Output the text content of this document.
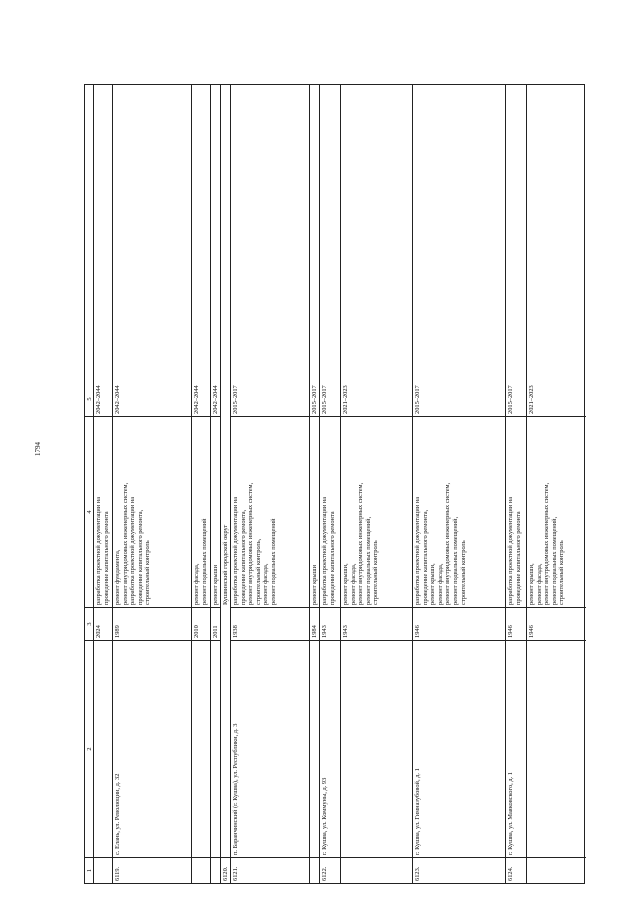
1794
1
2
3
4
5
2024
разработка проектной документации на проведение капитального ремонта
2042–2044
6119.
с. Елань, ул. Революции, д. 32
1989
ремонт фундамента, ремонт внутридомовых инженерных систем, разработка проектной документации на проведение капитального ремонта, строительный контроль
2042–2044
2010
ремонт фасада, ремонт подвальных помещений
2042–2044
2011
ремонт крыши
2042–2044
6120.
Кушвинский городской округ
6121.
п. Баранчинский (г. Кушва), ул. Республики, д. 3
1938
разработка проектной документации на проведение капитального ремонта, ремонт внутридомовых инженерных систем, строительный контроль, ремонт фасада, ремонт подвальных помещений
2015–2017
1984
ремонт крыши
2015–2017
6122.
г. Кушва, ул. Коммуны, д. 93
1943
разработка проектной документации на проведение капитального ремонта
2015–2017
1943
ремонт крыши, ремонт фасада, ремонт внутридомовых инженерных систем, ремонт подвальных помещений, строительный контроль
2021–2023
6123.
г. Кушва, ул. Гимназубовой, д. 1
1946
разработка проектной документации на проведение капитального ремонта, ремонт крыши, ремонт фасада, ремонт внутридомовых инженерных систем, ремонт подвальных помещений, строительный контроль
2015–2017
6124.
г. Кушва, ул. Маяковского, д. 1
1946
разработка проектной документации на проведение капитального ремонта
2015–2017
1946
ремонт крыши, ремонт фасада, ремонт внутридомовых инженерных систем, ремонт подвальных помещений, строительный контроль
2021–2023
